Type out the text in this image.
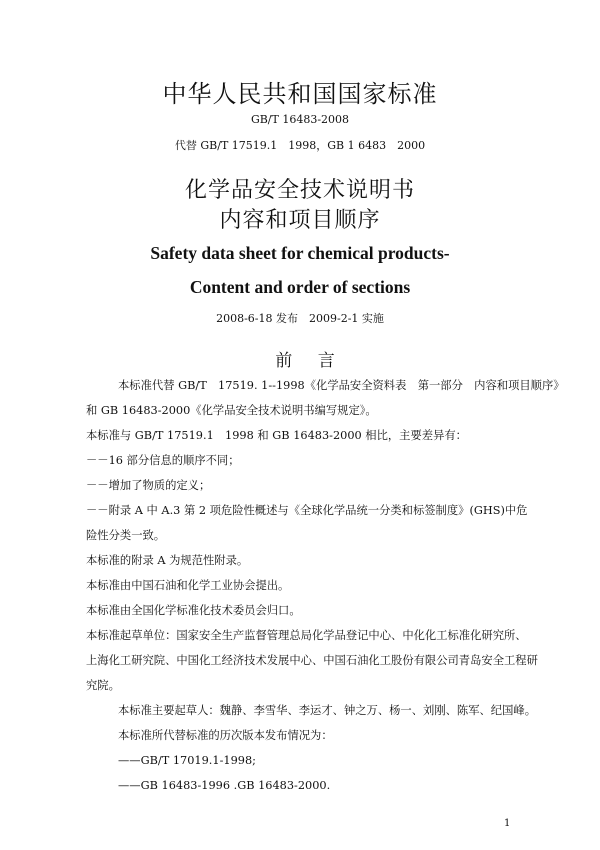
中华人民共和国国家标准
GB/T 16483-2008
代替 GB/T 17519.1　1998，GB 1 6483　2000
化学品安全技术说明书
内容和项目顺序
Safety data sheet for chemical products-
Content and order of sections
2008-6-18 发布　2009-2-1 实施
前 言
本标准代替 GB/T　17519. 1--1998《化学品安全资料表　第一部分　内容和项目顺序》
和 GB 16483-2000《化学品安全技术说明书编写规定》。
本标准与 GB/T 17519.1　1998 和 GB 16483-2000 相比，主要差异有：
－－16 部分信息的顺序不同；
－－增加了物质的定义；
－－附录 A 中 A.3 第 2 项危险性概述与《全球化学品统一分类和标签制度》(GHS)中危
险性分类一致。
本标准的附录 A 为规范性附录。
本标准由中国石油和化学工业协会提出。
本标准由全国化学标准化技术委员会归口。
本标准起草单位：国家安全生产监督管理总局化学品登记中心、中化化工标准化研究所、
上海化工研究院、中国化工经济技术发展中心、中国石油化工股份有限公司青岛安全工程研
究院。
本标准主要起草人：魏静、李雪华、李运才、钟之万、杨一、刘刚、陈军、纪国峰。
本标准所代替标准的历次版本发布情况为：
——GB/T 17019.1-1998;
——GB 16483-1996 .GB 16483-2000.
1
